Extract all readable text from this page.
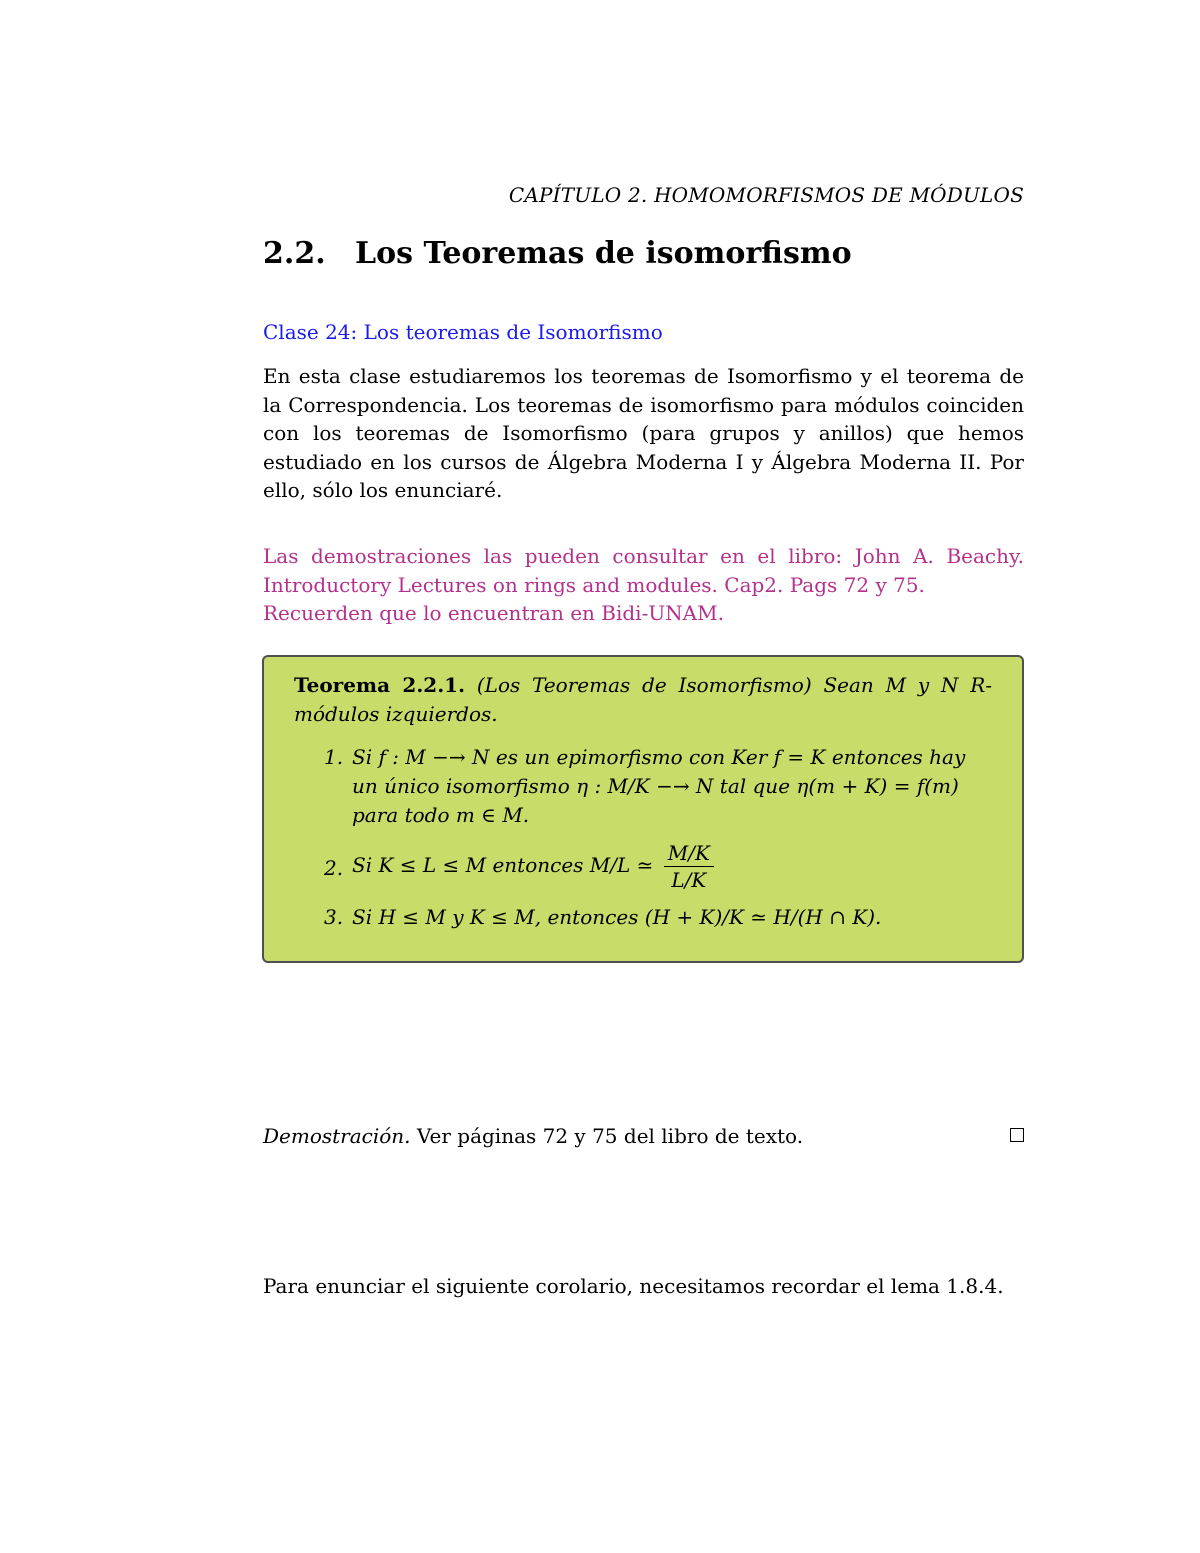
CAPÍTULO 2. HOMOMORFISMOS DE MÓDULOS
2.2. Los Teoremas de isomorfismo
Clase 24: Los teoremas de Isomorfismo

En esta clase estudiaremos los teoremas de Isomorfismo y el teorema de la Correspondencia. Los teoremas de isomorfismo para módulos coinciden con los teoremas de Isomorfismo (para grupos y anillos) que hemos estudiado en los cursos de Álgebra Moderna I y Álgebra Moderna II. Por ello, sólo los enunciaré.

Las demostraciones las pueden consultar en el libro: John A. Beachy. Introductory Lectures on rings and modules. Cap2. Pags 72 y 75.

Recuerden que lo encuentran en Bidi-UNAM.

Teorema 2.2.1. (Los Teoremas de Isomorfismo) Sean M y N R-módulos izquierdos.

1. Si f : M −→ N es un epimorfismo con Ker f = K entonces hay un único isomorfismo η : M/K −→ N tal que η(m + K) = f(m) para todo m ∈ M.
2. Si K ≤ L ≤ M entonces M/L ≃ $\frac{M/K}{L/K}$
3. Si H ≤ M y K ≤ M, entonces (H + K)/K ≃ H/(H ∩ K).
Demostración. Ver páginas 72 y 75 del libro de texto.
Para enunciar el siguiente corolario, necesitamos recordar el lema 1.8.4.
